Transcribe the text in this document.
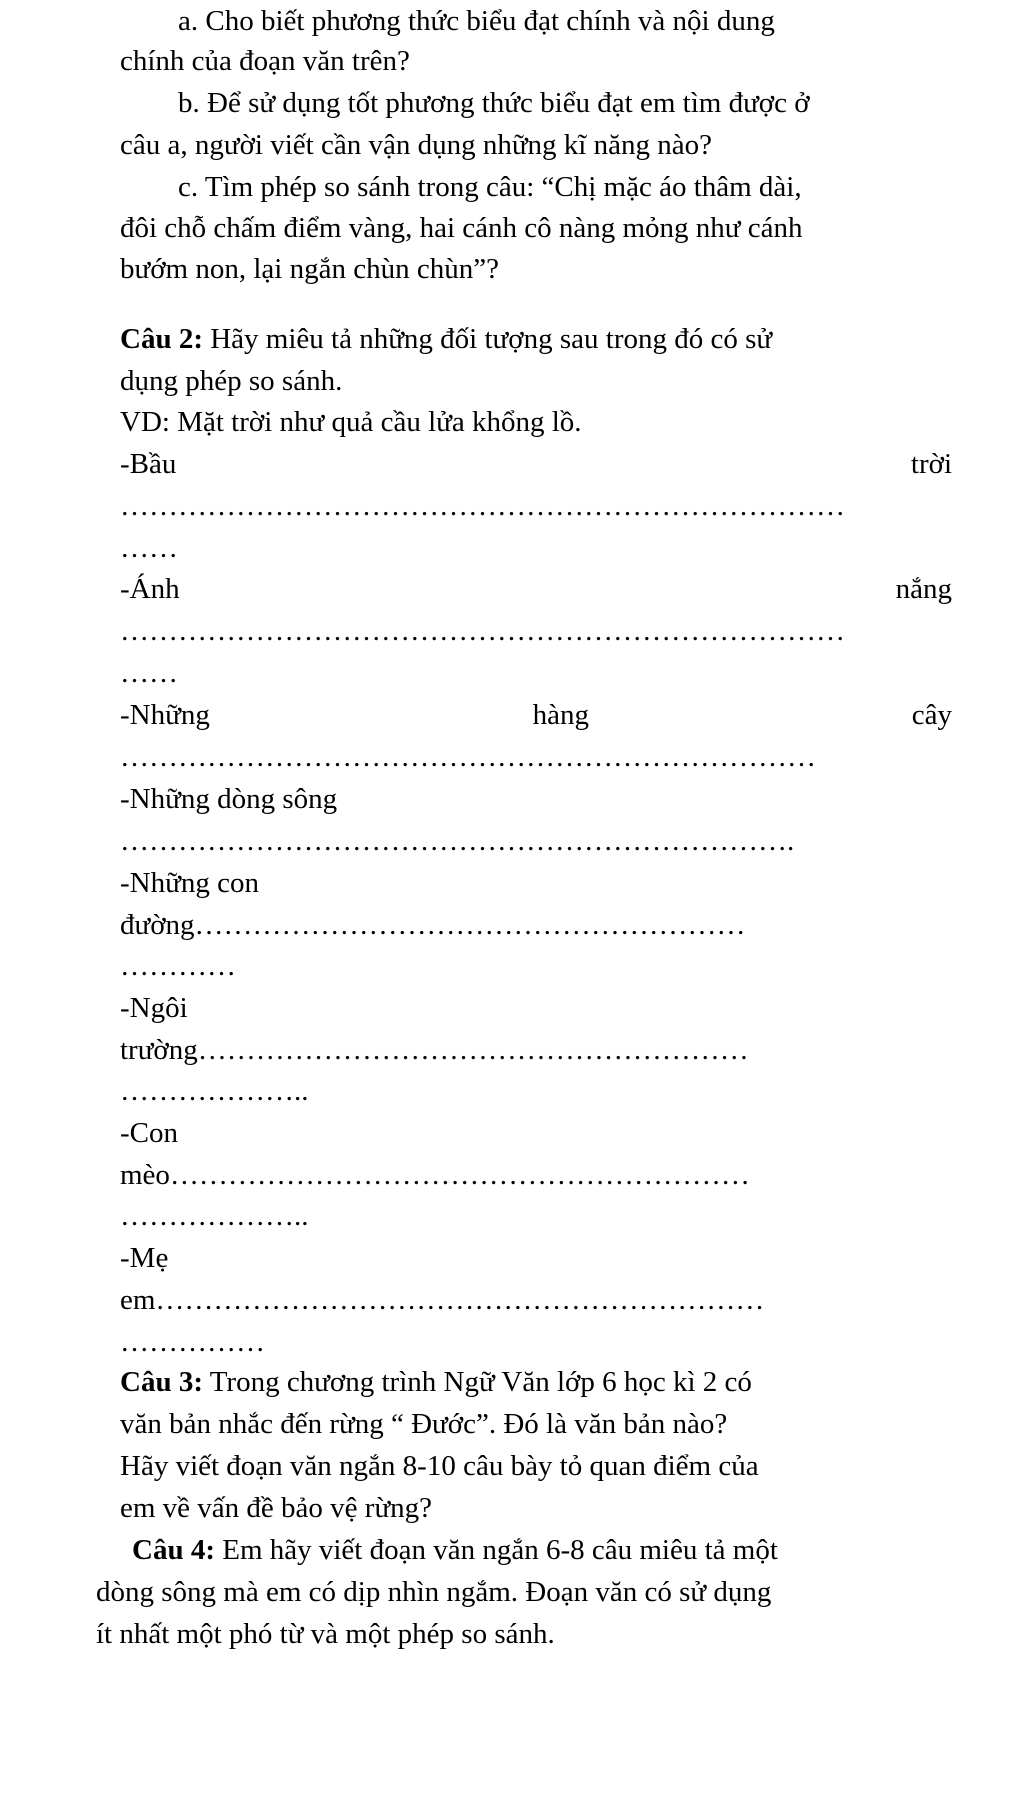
a. Cho biết phương thức biểu đạt chính và nội dung
chính của đoạn văn trên?
b. Để sử dụng tốt phương thức biểu đạt em tìm được ở
câu a, người viết cần vận dụng những kĩ năng nào?
c. Tìm phép so sánh trong câu: “Chị mặc áo thâm dài,
đôi chỗ chấm điểm vàng, hai cánh cô nàng mỏng như cánh
bướm non, lại ngắn chùn chùn”?
Câu 2: Hãy miêu tả những đối tượng sau trong đó có sử
dụng phép so sánh.
VD: Mặt trời như quả cầu lửa khổng lồ.
-Bầu	trời
…………………………………………………………………
……
-Ánh	nắng
…………………………………………………………………
……
-Những	hàng	cây
………………………………………………………………
-Những dòng sông
…………………………………………………………….
-Những con
đường…………………………………………………
…………
-Ngôi
trường…………………………………………………
………………..
-Con
mèo……………………………………………………
………………..
-Mẹ
em………………………………………………………
……………
Câu 3: Trong chương trình Ngữ Văn lớp 6 học kì 2 có
văn bản nhắc đến rừng “ Đước”. Đó là văn bản nào?
Hãy viết đoạn văn ngắn 8-10 câu bày tỏ quan điểm của
em về vấn đề bảo vệ rừng?
Câu 4: Em hãy viết đoạn văn ngắn 6-8 câu miêu tả một
dòng sông mà em có dịp nhìn ngắm. Đoạn văn có sử dụng
ít nhất một phó từ và một phép so sánh.
